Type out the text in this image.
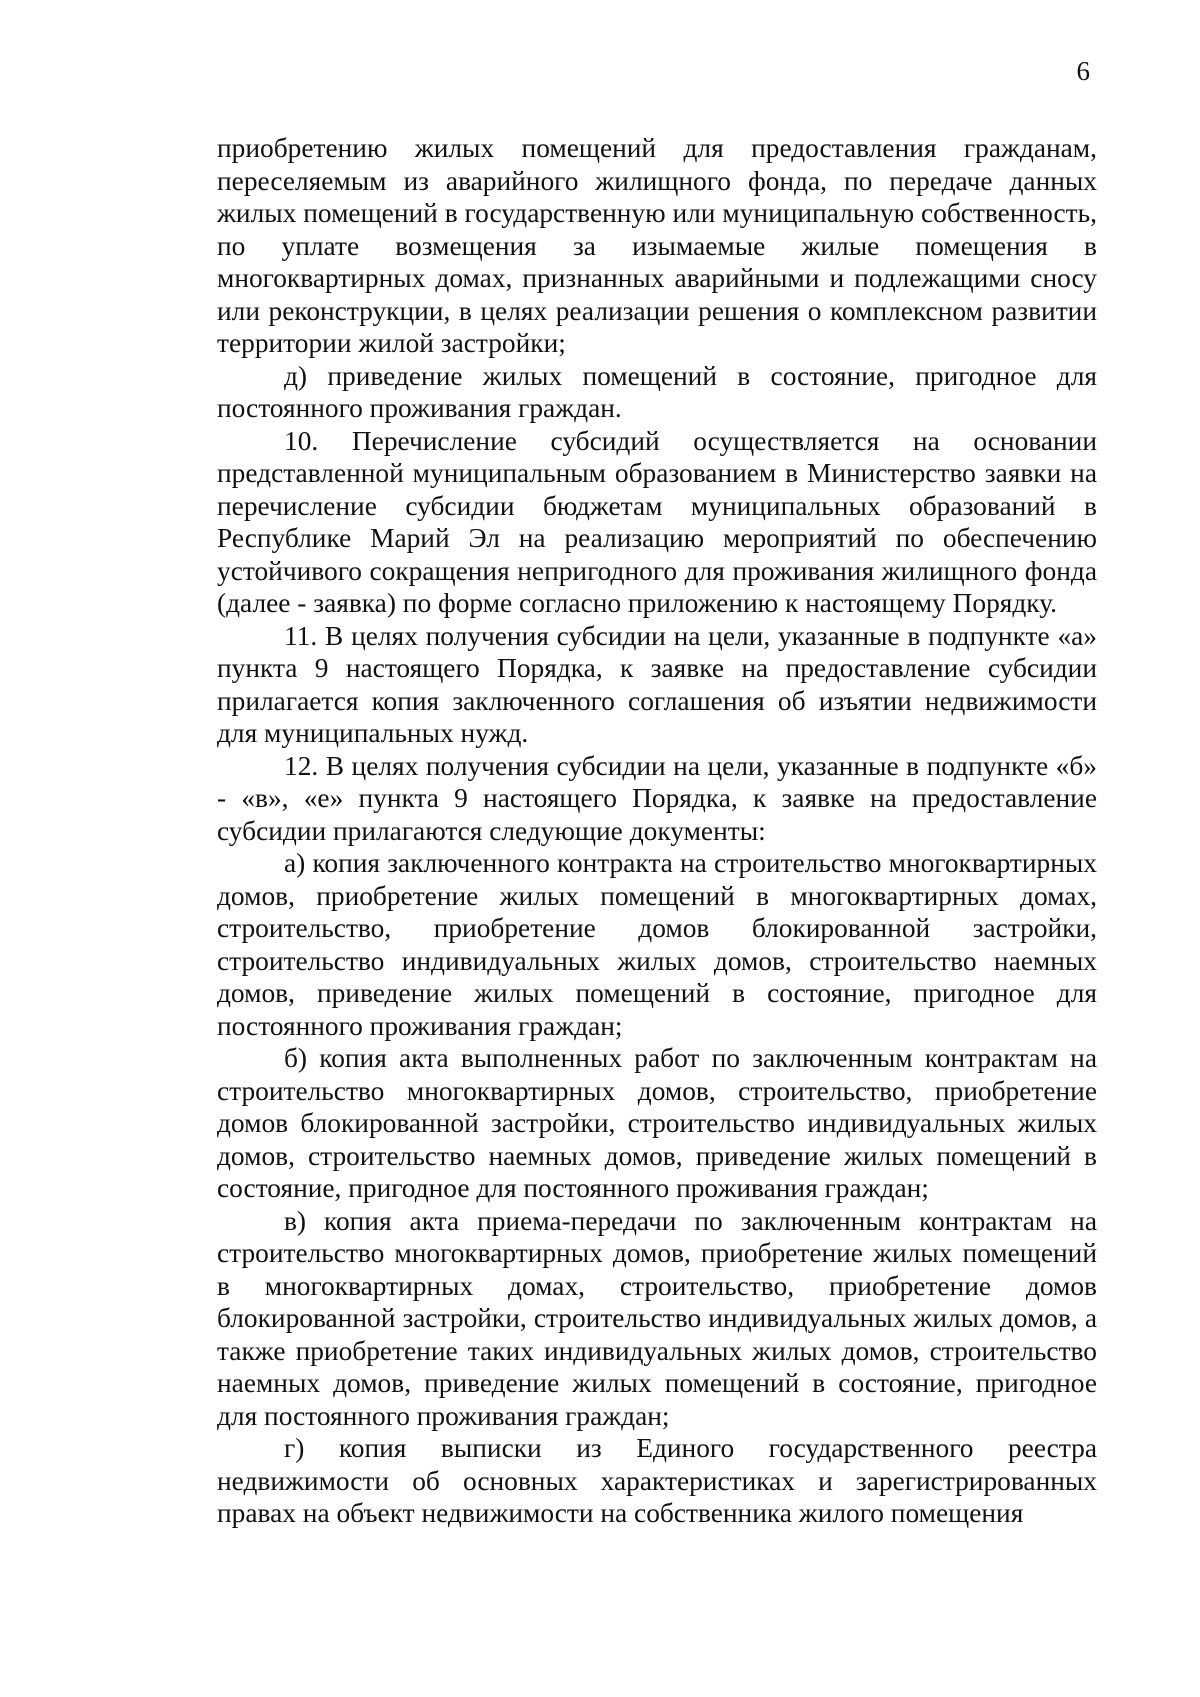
6

приобретению жилых помещений для предоставления гражданам, переселяемым из аварийного жилищного фонда, по передаче данных жилых помещений в государственную или муниципальную собственность, по уплате возмещения за изымаемые жилые помещения в многоквартирных домах, признанных аварийными и подлежащими сносу или реконструкции, в целях реализации решения о комплексном развитии территории жилой застройки;

д) приведение жилых помещений в состояние, пригодное для постоянного проживания граждан.

10. Перечисление субсидий осуществляется на основании представленной муниципальным образованием в Министерство заявки на перечисление субсидии бюджетам муниципальных образований в Республике Марий Эл на реализацию мероприятий по обеспечению устойчивого сокращения непригодного для проживания жилищного фонда (далее - заявка) по форме согласно приложению к настоящему Порядку.

11. В целях получения субсидии на цели, указанные в подпункте «а» пункта 9 настоящего Порядка, к заявке на предоставление субсидии прилагается копия заключенного соглашения об изъятии недвижимости для муниципальных нужд.

12. В целях получения субсидии на цели, указанные в подпункте «б» - «в», «е» пункта 9 настоящего Порядка, к заявке на предоставление субсидии прилагаются следующие документы:

а) копия заключенного контракта на строительство многоквартирных домов, приобретение жилых помещений в многоквартирных домах, строительство, приобретение домов блокированной застройки, строительство индивидуальных жилых домов, строительство наемных домов, приведение жилых помещений в состояние, пригодное для постоянного проживания граждан;

б) копия акта выполненных работ по заключенным контрактам на строительство многоквартирных домов, строительство, приобретение домов блокированной застройки, строительство индивидуальных жилых домов, строительство наемных домов, приведение жилых помещений в состояние, пригодное для постоянного проживания граждан;

в) копия акта приема-передачи по заключенным контрактам на строительство многоквартирных домов, приобретение жилых помещений в многоквартирных домах, строительство, приобретение домов блокированной застройки, строительство индивидуальных жилых домов, а также приобретение таких индивидуальных жилых домов, строительство наемных домов, приведение жилых помещений в состояние, пригодное для постоянного проживания граждан;

г) копия выписки из Единого государственного реестра недвижимости об основных характеристиках и зарегистрированных правах на объект недвижимости на собственника жилого помещения
